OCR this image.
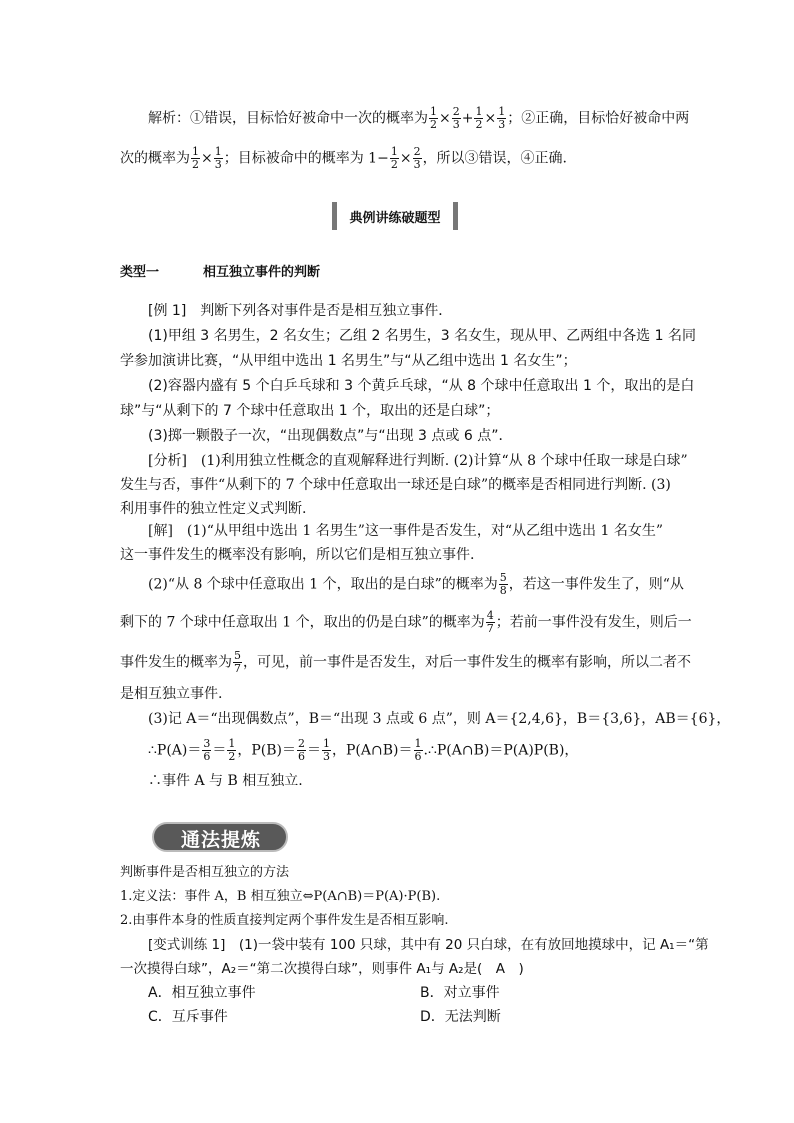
解析：①错误，目标恰好被命中一次的概率为 $\frac{1}{2} \times \frac{2}{3} + \frac{1}{2} \times \frac{1}{3}$ ；②正确，目标恰好被命中两
次的概率为 $\frac{1}{2} \times \frac{1}{3}$ ；目标被命中的概率为 $1- \frac{1}{2} \times \frac{2}{3}$ ，所以③错误，④正确.
典例讲练破题型
类型一	相互独立事件的判断
[例 1]　判断下列各对事件是否是相互独立事件．
(1)甲组 3 名男生，2 名女生；乙组 2 名男生，3 名女生，现从甲、乙两组中各选 1 名同
学参加演讲比赛，“从甲组中选出 1 名男生”与“从乙组中选出 1 名女生”；
(2)容器内盛有 5 个白乒乓球和 3 个黄乒乓球，“从 8 个球中任意取出 1 个，取出的是白
球”与“从剩下的 7 个球中任意取出 1 个，取出的还是白球”；
(3)掷一颗骰子一次，“出现偶数点”与“出现 3 点或 6 点”．
[分析]　(1)利用独立性概念的直观解释进行判断. (2)计算“从 8 个球中任取一球是白球”
发生与否，事件“从剩下的 7 个球中任意取出一球还是白球”的概率是否相同进行判断. (3)
利用事件的独立性定义式判断.
[解]　(1)“从甲组中选出 1 名男生”这一事件是否发生，对“从乙组中选出 1 名女生”
这一事件发生的概率没有影响，所以它们是相互独立事件.
(2)“从 8 个球中任意取出 1 个，取出的是白球”的概率为 $\frac{5}{8}$ ，若这一事件发生了，则“从
剩下的 7 个球中任意取出 1 个，取出的仍是白球”的概率为 $\frac{4}{7}$ ；若前一事件没有发生，则后一
事件发生的概率为 $\frac{5}{7}$ ，可见，前一事件是否发生，对后一事件发生的概率有影响，所以二者不
是相互独立事件.
(3)记 A＝“出现偶数点”，B＝“出现 3 点或 6 点”，则 A＝{2,4,6}，B＝{3,6}，AB＝{6}，
∴P(A)＝ $\frac{3}{6} = \frac{1}{2}$ ，$P(B)= \frac{2}{6} = \frac{1}{3}$ ，P(A∩B)＝ $\frac{1}{6}$ .∴P(A∩B)＝P(A)P(B)，
∴事件 A 与 B 相互独立.
通法提炼
判断事件是否相互独立的方法
1.定义法：事件 A，B 相互独立⇔P(A∩B)＝P(A)·P(B).
2.由事件本身的性质直接判定两个事件发生是否相互影响.
[变式训练 1]　(1)一袋中装有 100 只球，其中有 20 只白球，在有放回地摸球中，记 A₁＝“第
一次摸得白球”，A₂＝“第二次摸得白球”，则事件 A₁与 A₂是(　A　)
A．相互独立事件	B．对立事件
C．互斥事件	D．无法判断
